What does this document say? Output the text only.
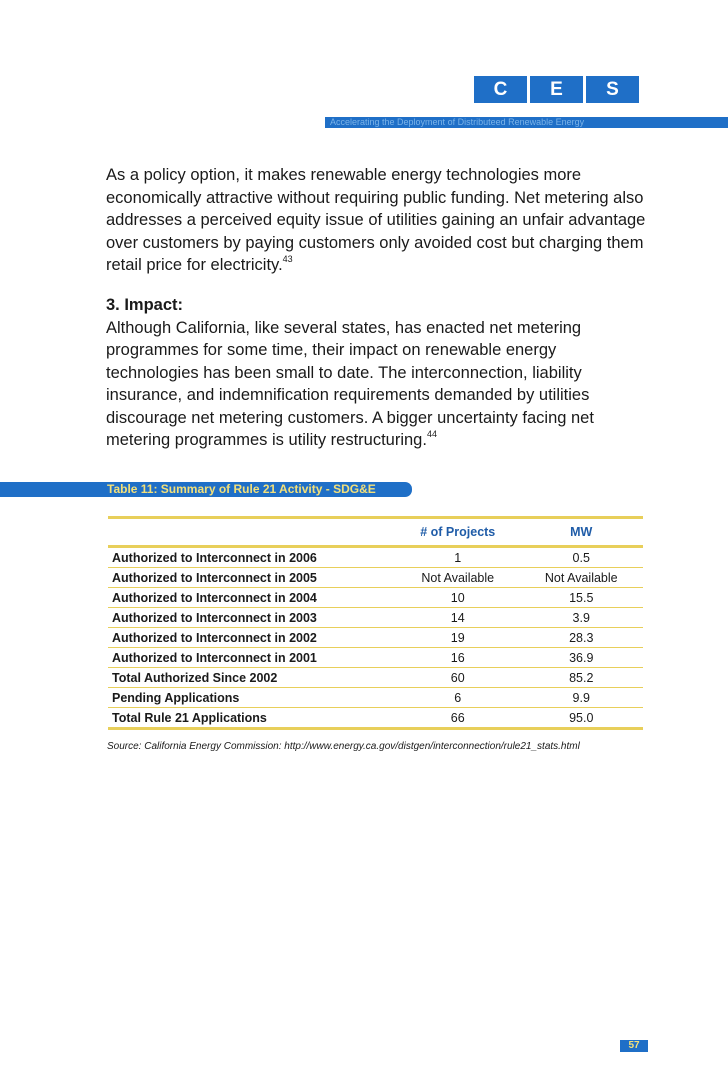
C	E	S
Accelerating the Deployment of Distributeed Renewable Energy
As a policy option, it makes renewable energy technologies more economically attractive without requiring public funding. Net metering also addresses a perceived equity issue of utilities gaining an unfair advantage over customers by paying customers only avoided cost but charging them retail price for electricity.$^{43}$
3. Impact:
Although California, like several states, has enacted net metering programmes for some time, their impact on renewable energy technologies has been small to date. The interconnection, liability insurance, and indemnification requirements demanded by utilities discourage net metering customers. A bigger uncertainty facing net metering programmes is utility restructuring.$^{44}$
Table 11: Summary of Rule 21 Activity - SDG&E
	# of Projects	MW
Authorized to Interconnect in 2006	1	0.5
Authorized to Interconnect in 2005	Not Available	Not Available
Authorized to Interconnect in 2004	10	15.5
Authorized to Interconnect in 2003	14	3.9
Authorized to Interconnect in 2002	19	28.3
Authorized to Interconnect in 2001	16	36.9
Total Authorized Since 2002	60	85.2
Pending Applications	6	9.9
Total Rule 21 Applications	66	95.0
Source: California Energy Commission: http://www.energy.ca.gov/distgen/interconnection/rule21_stats.html
57
